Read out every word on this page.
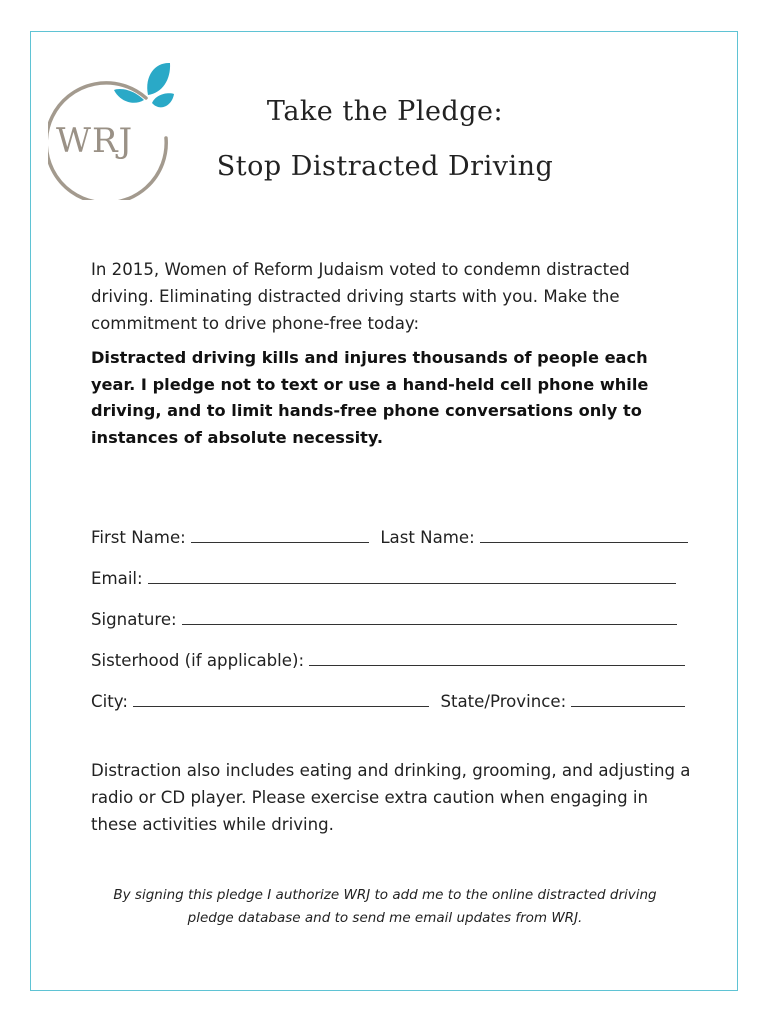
WRJ
Take the Pledge:
Stop Distracted Driving
In 2015, Women of Reform Judaism voted to condemn distracted driving. Eliminating distracted driving starts with you. Make the commitment to drive phone-free today:
Distracted driving kills and injures thousands of people each year. I pledge not to text or use a hand-held cell phone while driving, and to limit hands-free phone conversations only to instances of absolute necessity.
First Name:	Last Name:
Email:
Signature:
Sisterhood (if applicable):
City:	State/Province:
Distraction also includes eating and drinking, grooming, and adjusting a radio or CD player. Please exercise extra caution when engaging in these activities while driving.
By signing this pledge I authorize WRJ to add me to the online distracted driving pledge database and to send me email updates from WRJ.
